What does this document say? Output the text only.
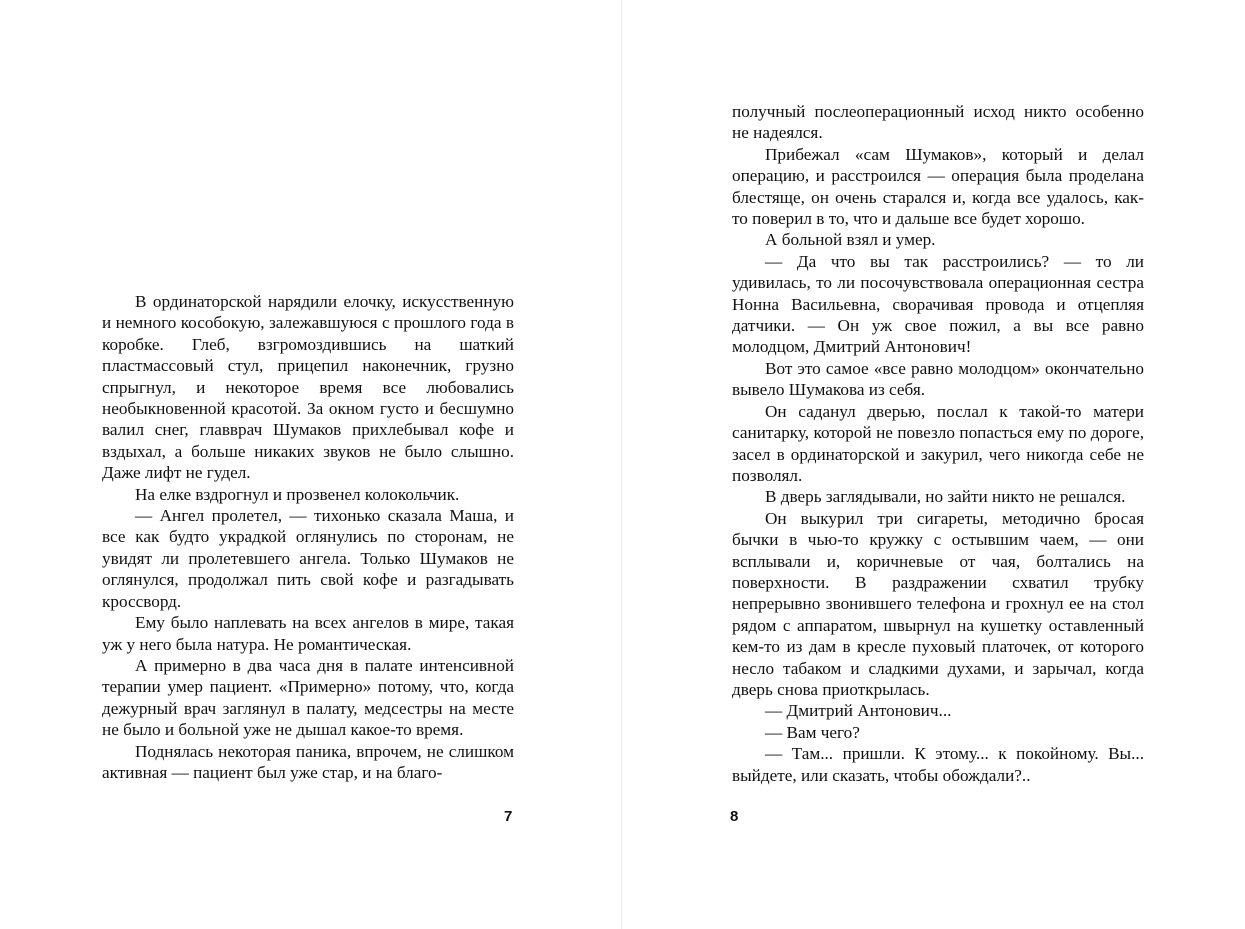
В ординаторской нарядили елочку, искусственную и немного кособокую, залежавшуюся с прошлого года в коробке. Глеб, взгромоздившись на шаткий пластмассовый стул, прицепил наконечник, грузно спрыгнул, и некоторое время все любовались необыкновенной красотой. За окном густо и бесшумно валил снег, главврач Шумаков прихлебывал кофе и вздыхал, а больше никаких звуков не было слышно. Даже лифт не гудел.

На елке вздрогнул и прозвенел колокольчик.

— Ангел пролетел, — тихонько сказала Маша, и все как будто украдкой оглянулись по сторонам, не увидят ли пролетевшего ангела. Только Шумаков не оглянулся, продолжал пить свой кофе и разгадывать кроссворд.

Ему было наплевать на всех ангелов в мире, такая уж у него была натура. Не романтическая.

А примерно в два часа дня в палате интенсивной терапии умер пациент. «Примерно» потому, что, когда дежурный врач заглянул в палату, медсестры на месте не было и больной уже не дышал какое-то время.

Поднялась некоторая паника, впрочем, не слишком активная — пациент был уже стар, и на благо-

7

получный послеоперационный исход никто особенно не надеялся.

Прибежал «сам Шумаков», который и делал операцию, и расстроился — операция была проделана блестяще, он очень старался и, когда все удалось, как-то поверил в то, что и дальше все будет хорошо.

А больной взял и умер.

— Да что вы так расстроились? — то ли удивилась, то ли посочувствовала операционная сестра Нонна Васильевна, сворачивая провода и отцепляя датчики. — Он уж свое пожил, а вы все равно молодцом, Дмитрий Антонович!

Вот это самое «все равно молодцом» окончательно вывело Шумакова из себя.

Он саданул дверью, послал к такой-то матери санитарку, которой не повезло попасться ему по дороге, засел в ординаторской и закурил, чего никогда себе не позволял.

В дверь заглядывали, но зайти никто не решался.

Он выкурил три сигареты, методично бросая бычки в чью-то кружку с остывшим чаем, — они всплывали и, коричневые от чая, болтались на поверхности. В раздражении схватил трубку непрерывно звонившего телефона и грохнул ее на стол рядом с аппаратом, швырнул на кушетку оставленный кем-то из дам в кресле пуховый платочек, от которого несло табаком и сладкими духами, и зарычал, когда дверь снова приоткрылась.

— Дмитрий Антонович...

— Вам чего?

— Там... пришли. К этому... к покойному. Вы... выйдете, или сказать, чтобы обождали?..

8
